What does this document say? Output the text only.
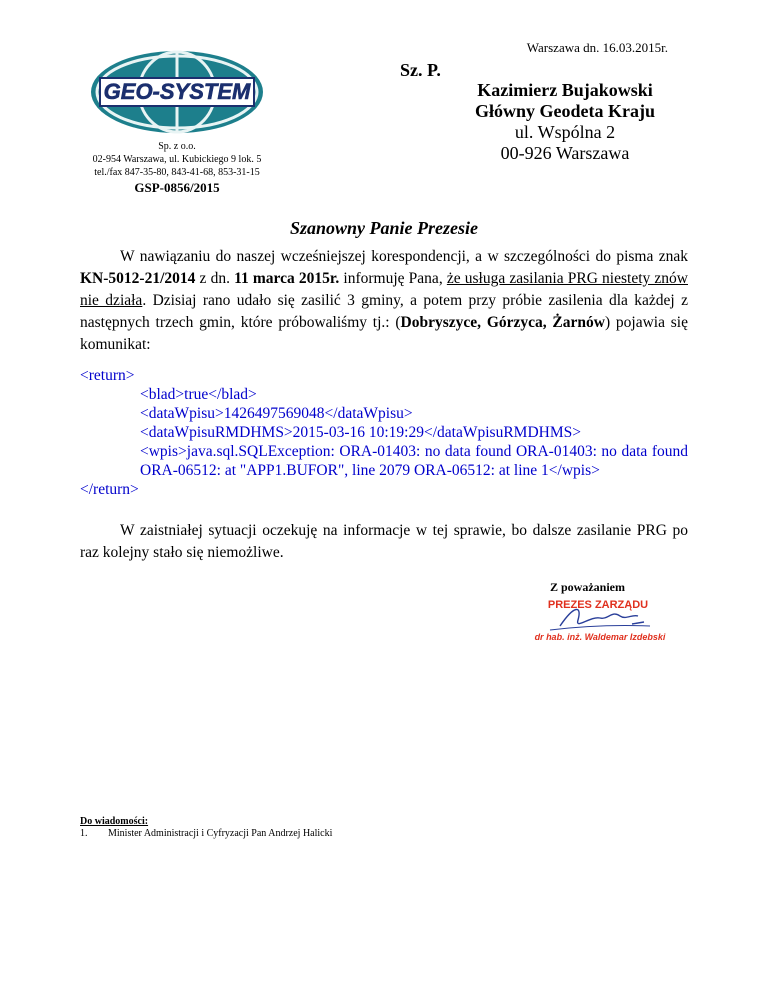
Warszawa dn. 16.03.2015r.
GEO-SYSTEM
Sp. z o.o.
02-954 Warszawa, ul. Kubickiego 9 lok. 5
tel./fax 847-35-80, 843-41-68, 853-31-15
GSP-0856/2015
Sz. P.
Kazimierz Bujakowski
Główny Geodeta Kraju
ul. Wspólna 2
00-926 Warszawa
Szanowny Panie Prezesie
W nawiązaniu do naszej wcześniejszej korespondencji, a w szczególności do pisma znak KN-5012-21/2014 z dn. 11 marca 2015r. informuję Pana, że usługa zasilania PRG niestety znów nie działa. Dzisiaj rano udało się zasilić 3 gminy, a potem przy próbie zasilenia dla każdej z następnych trzech gmin, które próbowaliśmy tj.: (Dobryszyce, Górzyca, Żarnów) pojawia się komunikat:
<return>
<blad>true</blad>
<dataWpisu>1426497569048</dataWpisu>
<dataWpisuRMDHMS>2015-03-16 10:19:29</dataWpisuRMDHMS>
<wpis>java.sql.SQLException: ORA-01403: no data found ORA-01403: no data found ORA-06512: at "APP1.BUFOR", line 2079 ORA-06512: at line 1</wpis>
</return>
W zaistniałej sytuacji oczekuję na informacje w tej sprawie, bo dalsze zasilanie PRG po raz kolejny stało się niemożliwe.
Z poważaniem
PREZES ZARZĄDU
dr hab. inż. Waldemar Izdebski
Do wiadomości:
1. Minister Administracji i Cyfryzacji Pan Andrzej Halicki
